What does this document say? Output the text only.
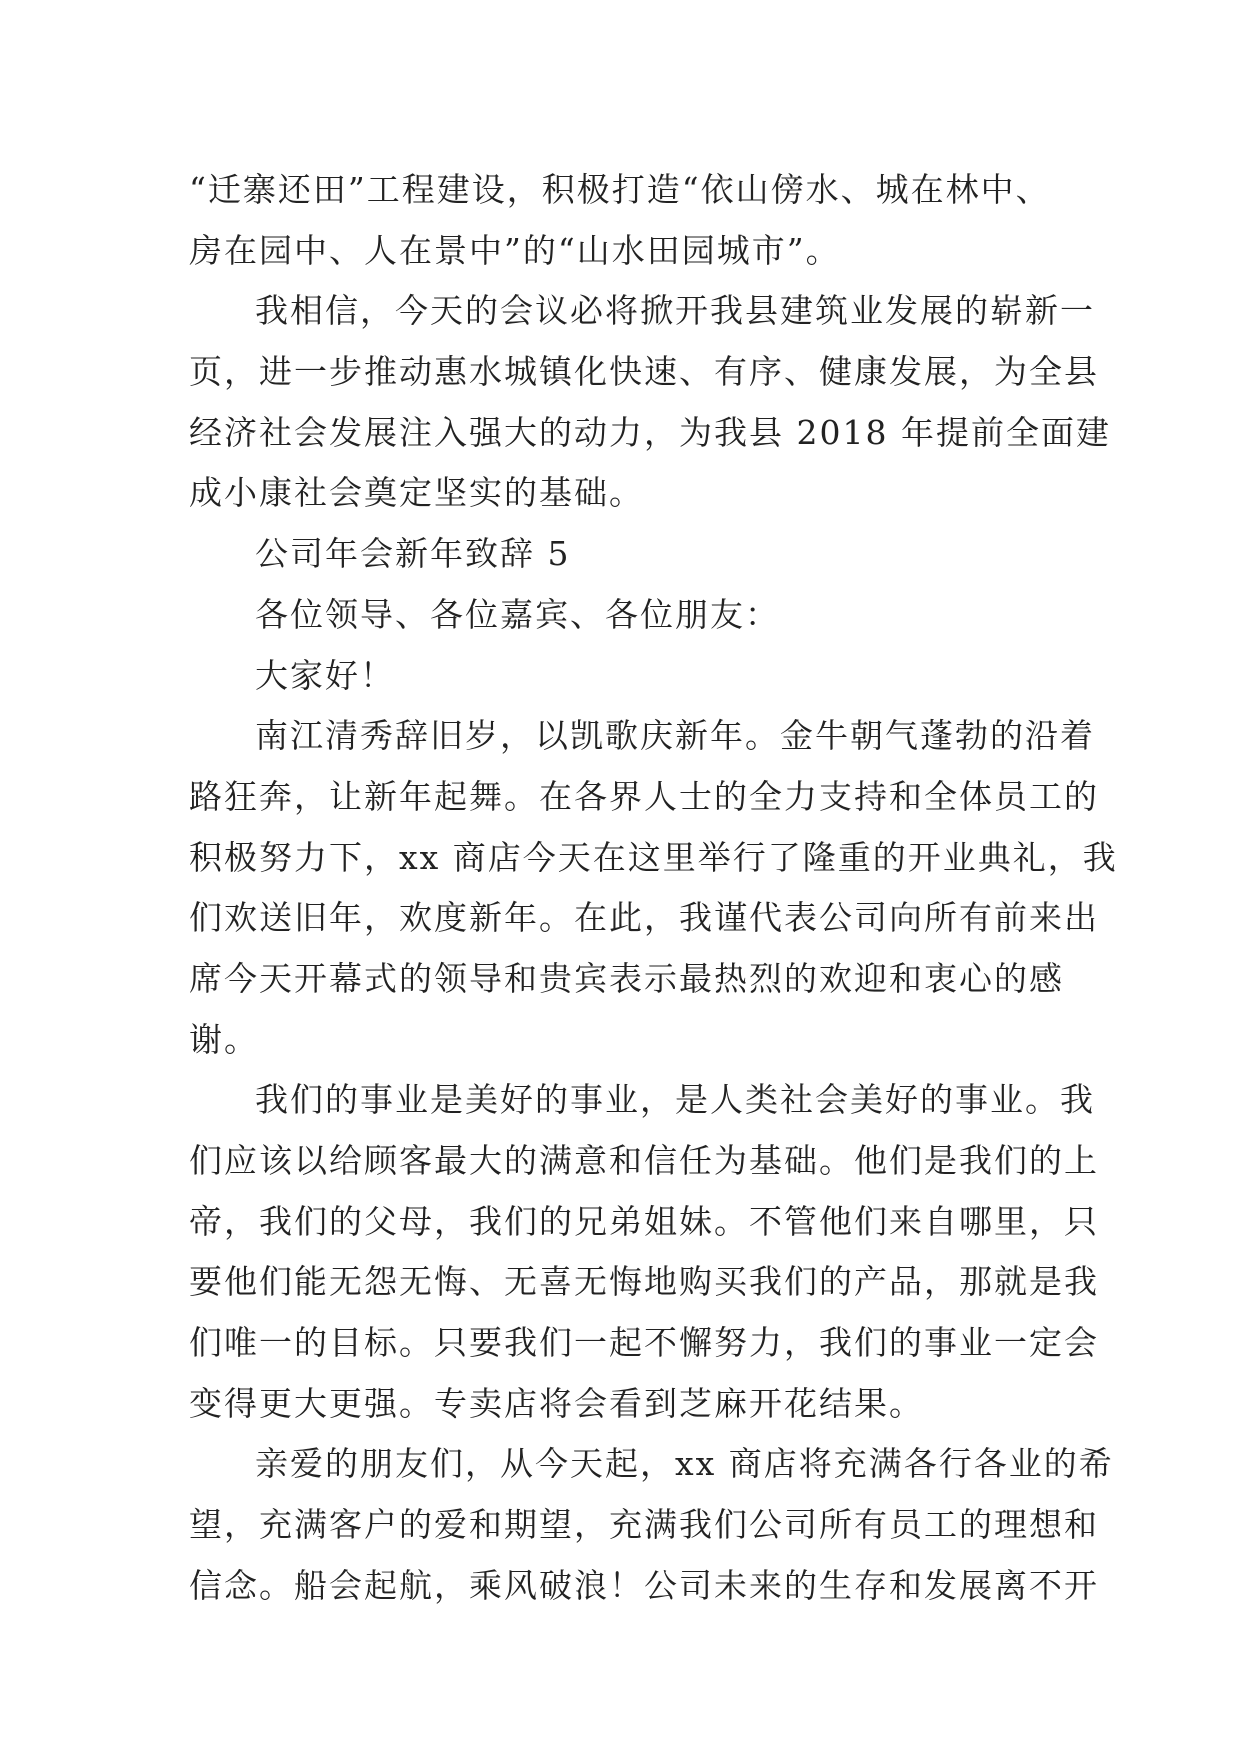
“迁寨还田”工程建设，积极打造“依山傍水、城在林中、
房在园中、人在景中”的“山水田园城市”。
我相信，今天的会议必将掀开我县建筑业发展的崭新一
页，进一步推动惠水城镇化快速、有序、健康发展，为全县
经济社会发展注入强大的动力，为我县 2018 年提前全面建
成小康社会奠定坚实的基础。
公司年会新年致辞 5
各位领导、各位嘉宾、各位朋友：
大家好！
南江清秀辞旧岁，以凯歌庆新年。金牛朝气蓬勃的沿着
路狂奔，让新年起舞。在各界人士的全力支持和全体员工的
积极努力下，xx 商店今天在这里举行了隆重的开业典礼，我
们欢送旧年，欢度新年。在此，我谨代表公司向所有前来出
席今天开幕式的领导和贵宾表示最热烈的欢迎和衷心的感
谢。
我们的事业是美好的事业，是人类社会美好的事业。我
们应该以给顾客最大的满意和信任为基础。他们是我们的上
帝，我们的父母，我们的兄弟姐妹。不管他们来自哪里，只
要他们能无怨无悔、无喜无悔地购买我们的产品，那就是我
们唯一的目标。只要我们一起不懈努力，我们的事业一定会
变得更大更强。专卖店将会看到芝麻开花结果。
亲爱的朋友们，从今天起，xx 商店将充满各行各业的希
望，充满客户的爱和期望，充满我们公司所有员工的理想和
信念。船会起航，乘风破浪！公司未来的生存和发展离不开
